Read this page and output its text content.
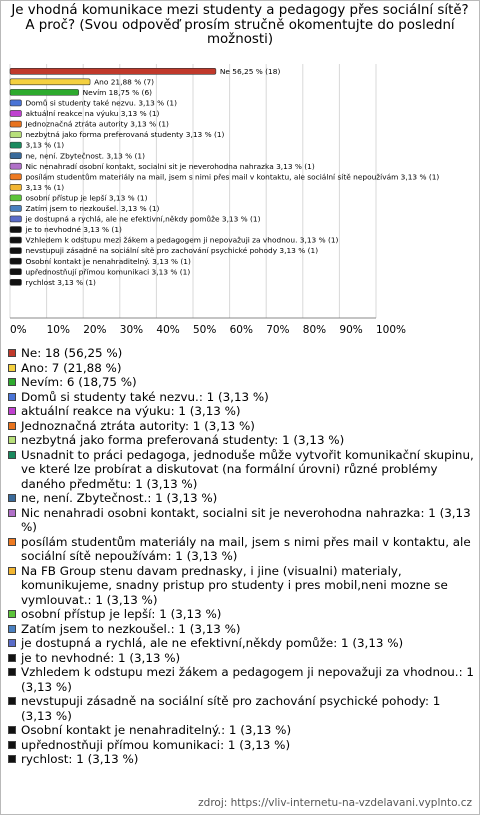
Je vhodná komunikace mezi studenty a pedagogy přes sociální sítě? A proč? (Svou odpověď prosím stručně okomentujte do poslední možnosti)
0% 10% 20% 30% 40% 50% 60% 70% 80% 90% 100%
Ne 56,25 % (18)
Ano 21,88 % (7)
Nevím 18,75 % (6)
Domů si studenty také nezvu. 3,13 % (1)
aktuální reakce na výuku 3,13 % (1)
Jednoznačná ztráta autority 3,13 % (1)
nezbytná jako forma preferovaná studenty 3,13 % (1)
3,13 % (1)
ne, není. Zbytečnost. 3,13 % (1)
Nic nenahradí osobní kontakt, socialni sit je neverohodna nahrazka 3,13 % (1)
posílám studentům materiály na mail, jsem s nimi přes mail v kontaktu, ale sociální sítě nepoužívám 3,13 % (1)
3,13 % (1)
osobní přístup je lepší 3,13 % (1)
Zatím jsem to nezkoušel. 3,13 % (1)
je dostupná a rychlá, ale ne efektivní,někdy pomůže 3,13 % (1)
je to nevhodné 3,13 % (1)
Vzhledem k odstupu mezi žákem a pedagogem ji nepovažuji za vhodnou. 3,13 % (1)
nevstupuji zásadně na sociální sítě pro zachování psychické pohody 3,13 % (1)
Osobní kontakt je nenahraditelný. 3,13 % (1)
upřednostňují přímou komunikaci 3,13 % (1)
rychlost 3,13 % (1)
Ne: 18 (56,25 %)
Ano: 7 (21,88 %)
Nevím: 6 (18,75 %)
Domů si studenty také nezvu.: 1 (3,13 %)
aktuální reakce na výuku: 1 (3,13 %)
Jednoznačná ztráta autority: 1 (3,13 %)
nezbytná jako forma preferovaná studenty: 1 (3,13 %)
Usnadnit to práci pedagoga, jednoduše může vytvořit komunikační skupinu, ve které lze probírat a diskutovat (na formální úrovni) různé problémy daného předmětu: 1 (3,13 %)
ne, není. Zbytečnost.: 1 (3,13 %)
Nic nenahradi osobni kontakt, socialni sit je neverohodna nahrazka: 1 (3,13 %)
posílám studentům materiály na mail, jsem s nimi přes mail v kontaktu, ale sociální sítě nepoužívám: 1 (3,13 %)
Na FB Group stenu davam prednasky, i jine (visualni) materialy, komunikujeme, snadny pristup pro studenty i pres mobil,neni mozne se vymlouvat.: 1 (3,13 %)
osobní přístup je lepší: 1 (3,13 %)
Zatím jsem to nezkoušel.: 1 (3,13 %)
je dostupná a rychlá, ale ne efektivní,někdy pomůže: 1 (3,13 %)
je to nevhodné: 1 (3,13 %)
Vzhledem k odstupu mezi žákem a pedagogem ji nepovažuji za vhodnou.: 1 (3,13 %)
nevstupuji zásadně na sociální sítě pro zachování psychické pohody: 1 (3,13 %)
Osobní kontakt je nenahraditelný.: 1 (3,13 %)
upřednostňuji přímou komunikaci: 1 (3,13 %)
rychlost: 1 (3,13 %)
zdroj: https://vliv-internetu-na-vzdelavani.vyplnto.cz
